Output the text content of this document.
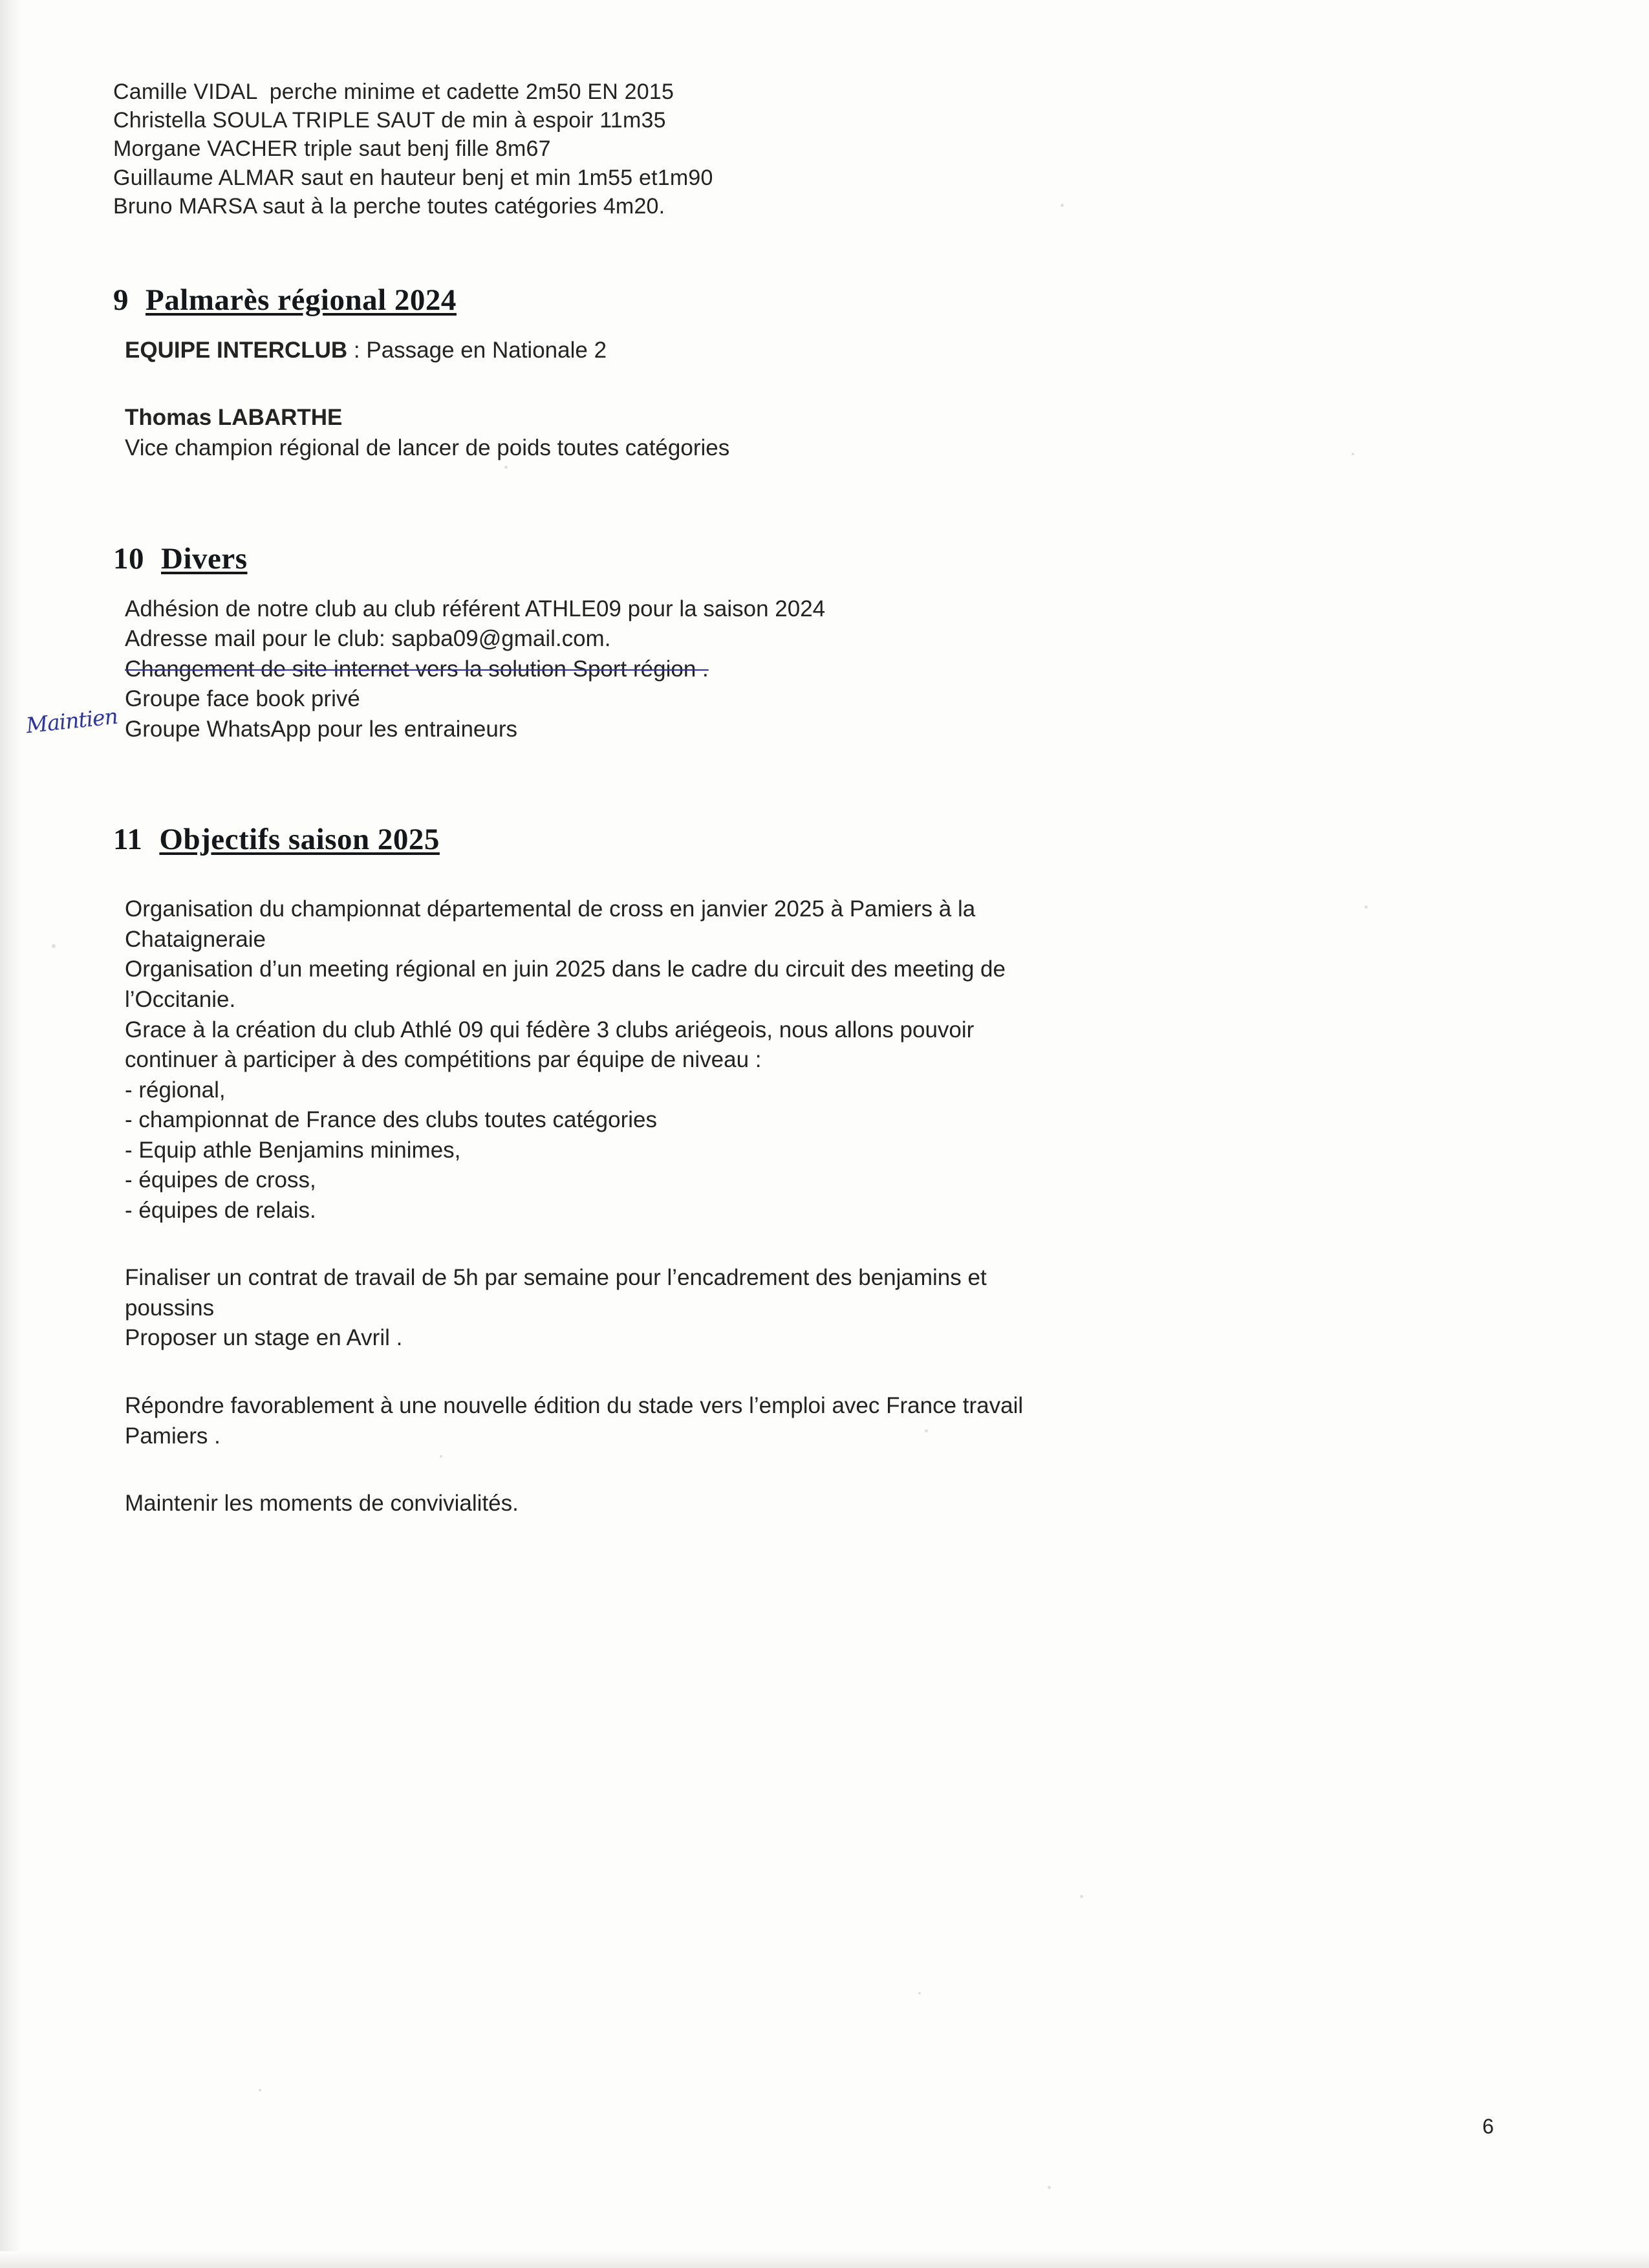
Camille VIDAL  perche minime et cadette 2m50 EN 2015
Christella SOULA TRIPLE SAUT de min à espoir 11m35
Morgane VACHER triple saut benj fille 8m67
Guillaume ALMAR saut en hauteur benj et min 1m55 et1m90
Bruno MARSA saut à la perche toutes catégories 4m20.
9 Palmarès régional 2024
EQUIPE INTERCLUB : Passage en Nationale 2
Thomas LABARTHE
Vice champion régional de lancer de poids toutes catégories
10 Divers
Adhésion de notre club au club référent ATHLE09 pour la saison 2024
Adresse mail pour le club: sapba09@gmail.com.
Changement de site internet vers la solution Sport région .
Groupe face book privé
Groupe WhatsApp pour les entraineurs
11 Objectifs saison 2025
Organisation du championnat départemental de cross en janvier 2025 à Pamiers à la
Chataigneraie
Organisation d’un meeting régional en juin 2025 dans le cadre du circuit des meeting de
l’Occitanie.
Grace à la création du club Athlé 09 qui fédère 3 clubs ariégeois, nous allons pouvoir
continuer à participer à des compétitions par équipe de niveau :
- régional,
- championnat de France des clubs toutes catégories
- Equip athle Benjamins minimes,
- équipes de cross,
- équipes de relais.
Finaliser un contrat de travail de 5h par semaine pour l’encadrement des benjamins et
poussins
Proposer un stage en Avril .
Répondre favorablement à une nouvelle édition du stade vers l’emploi avec France travail
Pamiers .
Maintenir les moments de convivialités.
Maintien
6
